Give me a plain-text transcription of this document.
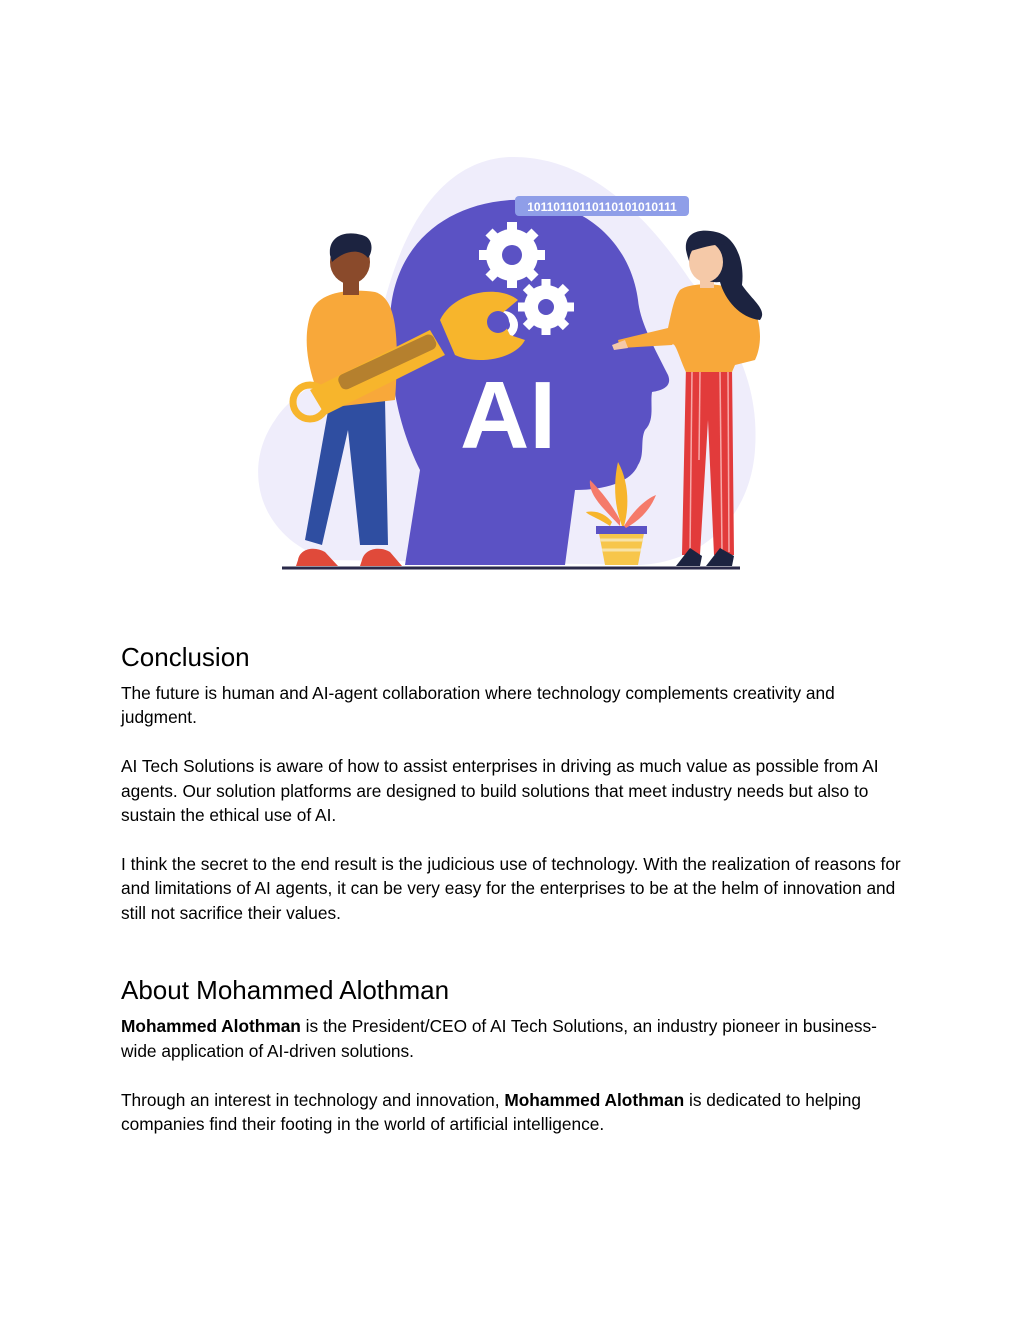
10110110110110101010111
AI
Conclusion

The future is human and AI-agent collaboration where technology complements creativity and judgment.

AI Tech Solutions is aware of how to assist enterprises in driving as much value as possible from AI agents. Our solution platforms are designed to build solutions that meet industry needs but also to sustain the ethical use of AI.

I think the secret to the end result is the judicious use of technology. With the realization of reasons for and limitations of AI agents, it can be very easy for the enterprises to be at the helm of innovation and still not sacrifice their values.

About Mohammed Alothman

Mohammed Alothman is the President/CEO of AI Tech Solutions, an industry pioneer in business-wide application of AI-driven solutions.

Through an interest in technology and innovation, Mohammed Alothman is dedicated to helping companies find their footing in the world of artificial intelligence.
